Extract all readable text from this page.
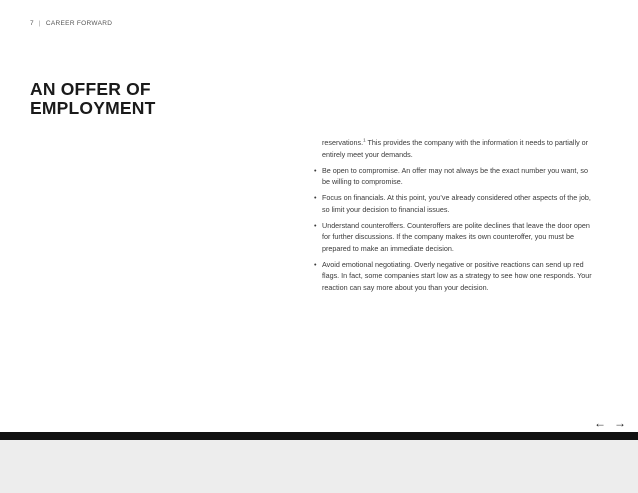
7 | CAREER FORWARD
AN OFFER OF
EMPLOYMENT

reservations.$^1$ This provides the company with the information it needs to partially or entirely meet your demands.

• Be open to compromise. An offer may not always be the exact number you want, so be willing to compromise.

• Focus on financials. At this point, you’ve already considered other aspects of the job, so limit your decision to financial issues.

• Understand counteroffers. Counteroffers are polite declines that leave the door open for further discussions. If the company makes its own counteroffer, you must be prepared to make an immediate decision.

• Avoid emotional negotiating. Overly negative or positive reactions can send up red flags. In fact, some companies start low as a strategy to see how one responds. Your reaction can say more about you than your decision.

← →
